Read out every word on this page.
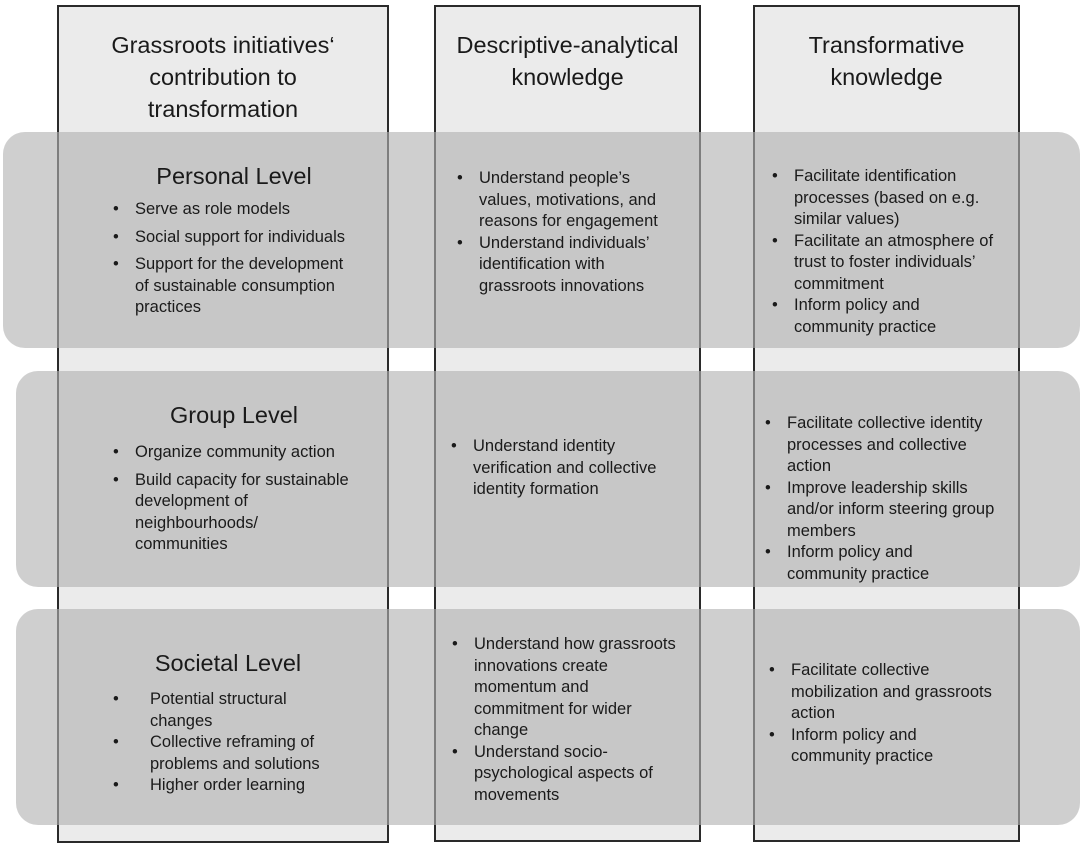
Grassroots initiatives‘
contribution to
transformation
Descriptive-analytical
knowledge
Transformative
knowledge
Personal Level
• Serve as role models
• Social support for individuals
• Support for the development
of sustainable consumption
practices
• Understand people’s
values, motivations, and
reasons for engagement
• Understand individuals’
identification with
grassroots innovations
• Facilitate identification
processes (based on e.g.
similar values)
• Facilitate an atmosphere of
trust to foster individuals’
commitment
• Inform policy and
community practice
Group Level
• Organize community action
• Build capacity for sustainable
development of
neighbourhoods/
communities
• Understand identity
verification and collective
identity formation
• Facilitate collective identity
processes and collective
action
• Improve leadership skills
and/or inform steering group
members
• Inform policy and
community practice
Societal Level
• Potential structural
changes
• Collective reframing of
problems and solutions
• Higher order learning
• Understand how grassroots
innovations create
momentum and
commitment for wider
change
• Understand socio-
psychological aspects of
movements
• Facilitate collective
mobilization and grassroots
action
• Inform policy and
community practice
